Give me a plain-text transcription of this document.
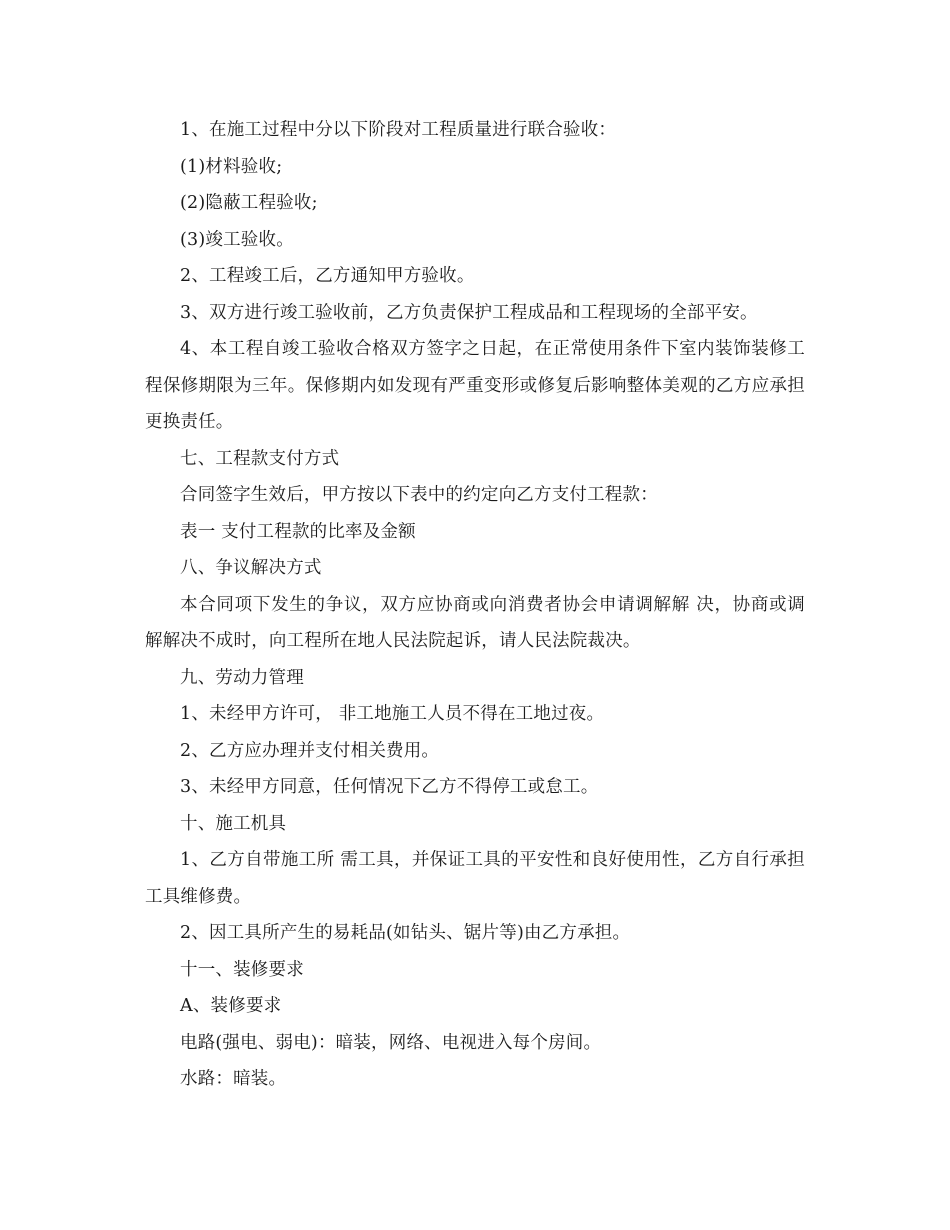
1、在施工过程中分以下阶段对工程质量进行联合验收：

(1)材料验收;

(2)隐蔽工程验收;

(3)竣工验收。

2、工程竣工后，乙方通知甲方验收。

3、双方进行竣工验收前，乙方负责保护工程成品和工程现场的全部平安。

4、本工程自竣工验收合格双方签字之日起，在正常使用条件下室内装饰装修工程保修期限为三年。保修期内如发现有严重变形或修复后影响整体美观的乙方应承担更换责任。

七、工程款支付方式

合同签字生效后，甲方按以下表中的约定向乙方支付工程款：

表一 支付工程款的比率及金额

八、争议解决方式

本合同项下发生的争议，双方应协商或向消费者协会申请调解解 决，协商或调解解决不成时，向工程所在地人民法院起诉，请人民法院裁决。

九、劳动力管理

1、未经甲方许可， 非工地施工人员不得在工地过夜。

2、乙方应办理并支付相关费用。

3、未经甲方同意，任何情况下乙方不得停工或怠工。

十、施工机具

1、乙方自带施工所 需工具，并保证工具的平安性和良好使用性，乙方自行承担工具维修费。

2、因工具所产生的易耗品(如钻头、锯片等)由乙方承担。

十一、装修要求

A、装修要求

电路(强电、弱电)：暗装，网络、电视进入每个房间。

水路：暗装。
